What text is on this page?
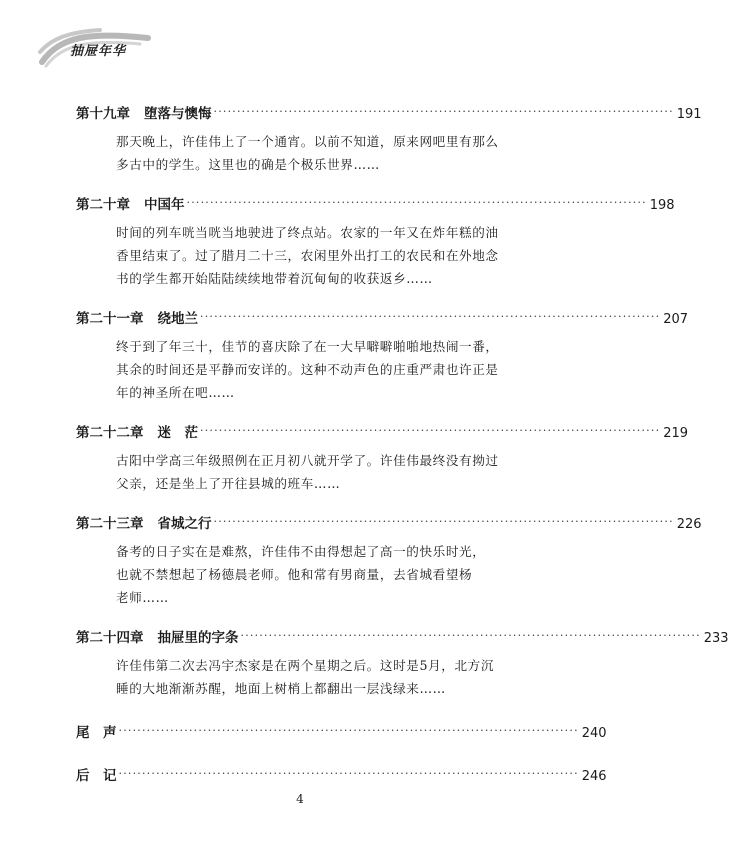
抽屉年华
第十九章 堕落与懊悔 ·································································································· 191
那天晚上，许佳伟上了一个通宵。以前不知道，原来网吧里有那么
多古中的学生。这里也的确是个极乐世界……
第二十章 中国年 ·································································································· 198
时间的列车咣当咣当地驶进了终点站。农家的一年又在炸年糕的油
香里结束了。过了腊月二十三，农闲里外出打工的农民和在外地念
书的学生都开始陆陆续续地带着沉甸甸的收获返乡……
第二十一章 绕地兰 ·································································································· 207
终于到了年三十，佳节的喜庆除了在一大早噼噼啪啪地热闹一番，
其余的时间还是平静而安详的。这种不动声色的庄重严肃也许正是
年的神圣所在吧……
第二十二章 迷　茫 ·································································································· 219
古阳中学高三年级照例在正月初八就开学了。许佳伟最终没有拗过
父亲，还是坐上了开往县城的班车……
第二十三章 省城之行 ·································································································· 226
备考的日子实在是难熬，许佳伟不由得想起了高一的快乐时光，
也就不禁想起了杨德晨老师。他和常有男商量，去省城看望杨
老师……
第二十四章 抽屉里的字条 ·································································································· 233
许佳伟第二次去冯宇杰家是在两个星期之后。这时是5月，北方沉
睡的大地渐渐苏醒，地面上树梢上都翻出一层浅绿来……
尾　声 ·································································································· 240
后　记 ·································································································· 246
4
